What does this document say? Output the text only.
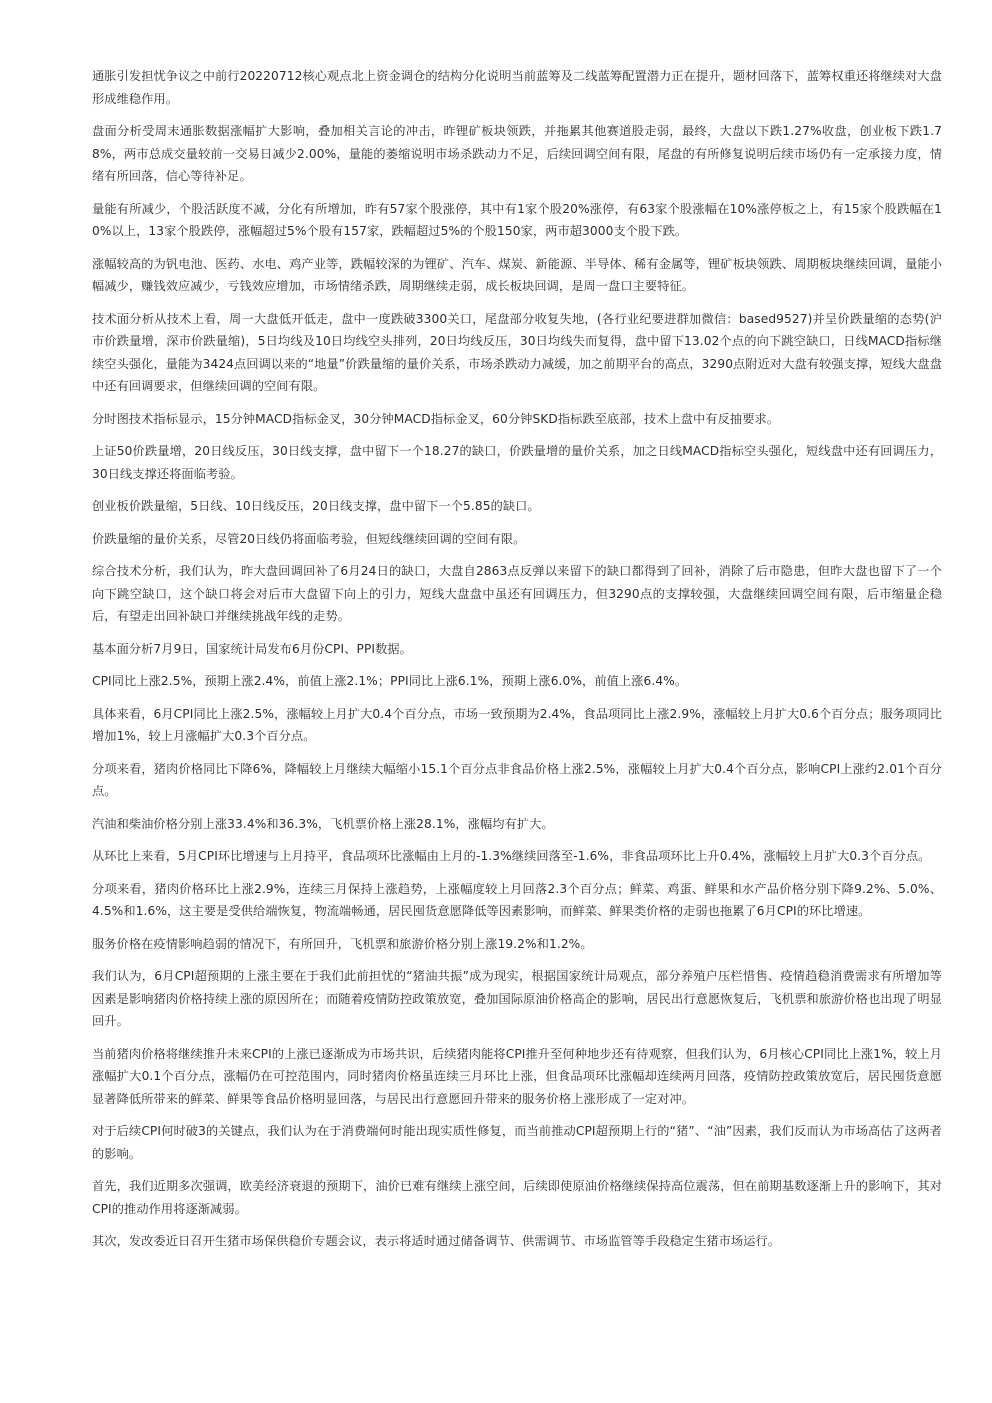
通胀引发担忧争议之中前行20220712核心观点北上资金调仓的结构分化说明当前蓝筹及二线蓝筹配置潜力正在提升，题材回落下，蓝筹权重还将继续对大盘形成维稳作用。

盘面分析受周末通胀数据涨幅扩大影响，叠加相关言论的冲击，昨锂矿板块领跌，并拖累其他赛道股走弱，最终，大盘以下跌1.27%收盘，创业板下跌1.78%，两市总成交量较前一交易日减少2.00%，量能的萎缩说明市场杀跌动力不足，后续回调空间有限，尾盘的有所修复说明后续市场仍有一定承接力度，情绪有所回落，信心等待补足。

量能有所减少，个股活跃度不减，分化有所增加，昨有57家个股涨停，其中有1家个股20%涨停，有63家个股涨幅在10%涨停板之上，有15家个股跌幅在10%以上，13家个股跌停，涨幅超过5%个股有157家，跌幅超过5%的个股150家，两市超3000支个股下跌。

涨幅较高的为钒电池、医药、水电、鸡产业等，跌幅较深的为锂矿、汽车、煤炭、新能源、半导体、稀有金属等，锂矿板块领跌、周期板块继续回调，量能小幅减少，赚钱效应减少，亏钱效应增加，市场情绪杀跌，周期继续走弱，成长板块回调，是周一盘口主要特征。

技术面分析从技术上看，周一大盘低开低走，盘中一度跌破3300关口，尾盘部分收复失地，(各行业纪要进群加微信：based9527)并呈价跌量缩的态势(沪市价跌量增，深市价跌量缩)，5日均线及10日均线空头排列，20日均线反压，30日均线失而复得，盘中留下13.02个点的向下跳空缺口，日线MACD指标继续空头强化，量能为3424点回调以来的“地量”价跌量缩的量价关系，市场杀跌动力减缓，加之前期平台的高点，3290点附近对大盘有较强支撑，短线大盘盘中还有回调要求，但继续回调的空间有限。

分时图技术指标显示，15分钟MACD指标金叉，30分钟MACD指标金叉，60分钟SKD指标跌至底部，技术上盘中有反抽要求。

上证50价跌量增，20日线反压，30日线支撑，盘中留下一个18.27的缺口，价跌量增的量价关系，加之日线MACD指标空头强化，短线盘中还有回调压力，30日线支撑还将面临考验。

创业板价跌量缩，5日线、10日线反压，20日线支撑，盘中留下一个5.85的缺口。

价跌量缩的量价关系，尽管20日线仍将面临考验，但短线继续回调的空间有限。

综合技术分析，我们认为，昨大盘回调回补了6月24日的缺口，大盘自2863点反弹以来留下的缺口都得到了回补，消除了后市隐患，但昨大盘也留下了一个向下跳空缺口，这个缺口将会对后市大盘留下向上的引力，短线大盘盘中虽还有回调压力，但3290点的支撑较强，大盘继续回调空间有限，后市缩量企稳后，有望走出回补缺口并继续挑战年线的走势。

基本面分析7月9日，国家统计局发布6月份CPI、PPI数据。

CPI同比上涨2.5%，预期上涨2.4%，前值上涨2.1%；PPI同比上涨6.1%，预期上涨6.0%，前值上涨6.4%。

具体来看，6月CPI同比上涨2.5%，涨幅较上月扩大0.4个百分点，市场一致预期为2.4%，食品项同比上涨2.9%，涨幅较上月扩大0.6个百分点；服务项同比增加1%，较上月涨幅扩大0.3个百分点。

分项来看，猪肉价格同比下降6%，降幅较上月继续大幅缩小15.1个百分点非食品价格上涨2.5%，涨幅较上月扩大0.4个百分点，影响CPI上涨约2.01个百分点。

汽油和柴油价格分别上涨33.4%和36.3%，飞机票价格上涨28.1%，涨幅均有扩大。

从环比上来看，5月CPI环比增速与上月持平，食品项环比涨幅由上月的-1.3%继续回落至-1.6%，非食品项环比上升0.4%，涨幅较上月扩大0.3个百分点。

分项来看，猪肉价格环比上涨2.9%，连续三月保持上涨趋势，上涨幅度较上月回落2.3个百分点；鲜菜、鸡蛋、鲜果和水产品价格分别下降9.2%、5.0%、4.5%和1.6%，这主要是受供给端恢复，物流端畅通，居民囤货意愿降低等因素影响，而鲜菜、鲜果类价格的走弱也拖累了6月CPI的环比增速。

服务价格在疫情影响趋弱的情况下，有所回升，飞机票和旅游价格分别上涨19.2%和1.2%。

我们认为，6月CPI超预期的上涨主要在于我们此前担忧的“猪油共振”成为现实，根据国家统计局观点，部分养殖户压栏惜售、疫情趋稳消费需求有所增加等因素是影响猪肉价格持续上涨的原因所在；而随着疫情防控政策放宽，叠加国际原油价格高企的影响，居民出行意愿恢复后，飞机票和旅游价格也出现了明显回升。

当前猪肉价格将继续推升未来CPI的上涨已逐渐成为市场共识，后续猪肉能将CPI推升至何种地步还有待观察，但我们认为，6月核心CPI同比上涨1%，较上月涨幅扩大0.1个百分点，涨幅仍在可控范围内，同时猪肉价格虽连续三月环比上涨，但食品项环比涨幅却连续两月回落，疫情防控政策放宽后，居民囤货意愿显著降低所带来的鲜菜、鲜果等食品价格明显回落，与居民出行意愿回升带来的服务价格上涨形成了一定对冲。

对于后续CPI何时破3的关键点，我们认为在于消费端何时能出现实质性修复，而当前推动CPI超预期上行的“猪”、“油”因素，我们反而认为市场高估了这两者的影响。

首先，我们近期多次强调，欧美经济衰退的预期下，油价已难有继续上涨空间，后续即使原油价格继续保持高位震荡，但在前期基数逐渐上升的影响下，其对CPI的推动作用将逐渐减弱。

其次，发改委近日召开生猪市场保供稳价专题会议，表示将适时通过储备调节、供需调节、市场监管等手段稳定生猪市场运行。
